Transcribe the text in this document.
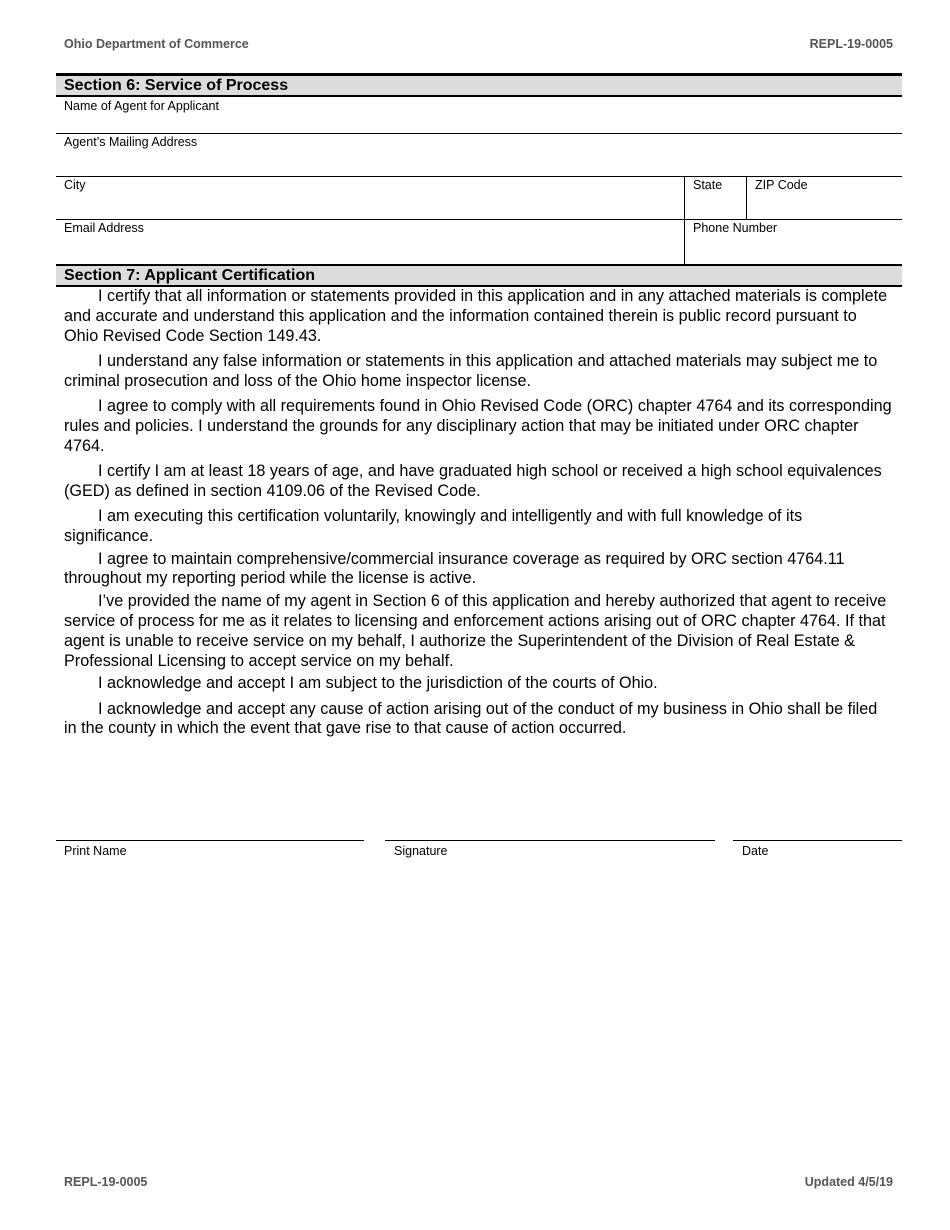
Ohio Department of Commerce	REPL-19-0005
Section 6: Service of Process
Name of Agent for Applicant
Agent’s Mailing Address
City	State	ZIP Code
Email Address	Phone Number
Section 7: Applicant Certification

I certify that all information or statements provided in this application and in any attached materials is complete and accurate and understand this application and the information contained therein is public record pursuant to Ohio Revised Code Section 149.43.

I understand any false information or statements in this application and attached materials may subject me to criminal prosecution and loss of the Ohio home inspector license.

I agree to comply with all requirements found in Ohio Revised Code (ORC) chapter 4764 and its corresponding rules and policies. I understand the grounds for any disciplinary action that may be initiated under ORC chapter 4764.

I certify I am at least 18 years of age, and have graduated high school or received a high school equivalences (GED) as defined in section 4109.06 of the Revised Code.

I am executing this certification voluntarily, knowingly and intelligently and with full knowledge of its significance.

I agree to maintain comprehensive/commercial insurance coverage as required by ORC section 4764.11 throughout my reporting period while the license is active.

I’ve provided the name of my agent in Section 6 of this application and hereby authorized that agent to receive service of process for me as it relates to licensing and enforcement actions arising out of ORC chapter 4764. If that agent is unable to receive service on my behalf, I authorize the Superintendent of the Division of Real Estate & Professional Licensing to accept service on my behalf.

I acknowledge and accept I am subject to the jurisdiction of the courts of Ohio.

I acknowledge and accept any cause of action arising out of the conduct of my business in Ohio shall be filed in the county in which the event that gave rise to that cause of action occurred.

Print Name	Signature	Date
REPL-19-0005	Updated 4/5/19
